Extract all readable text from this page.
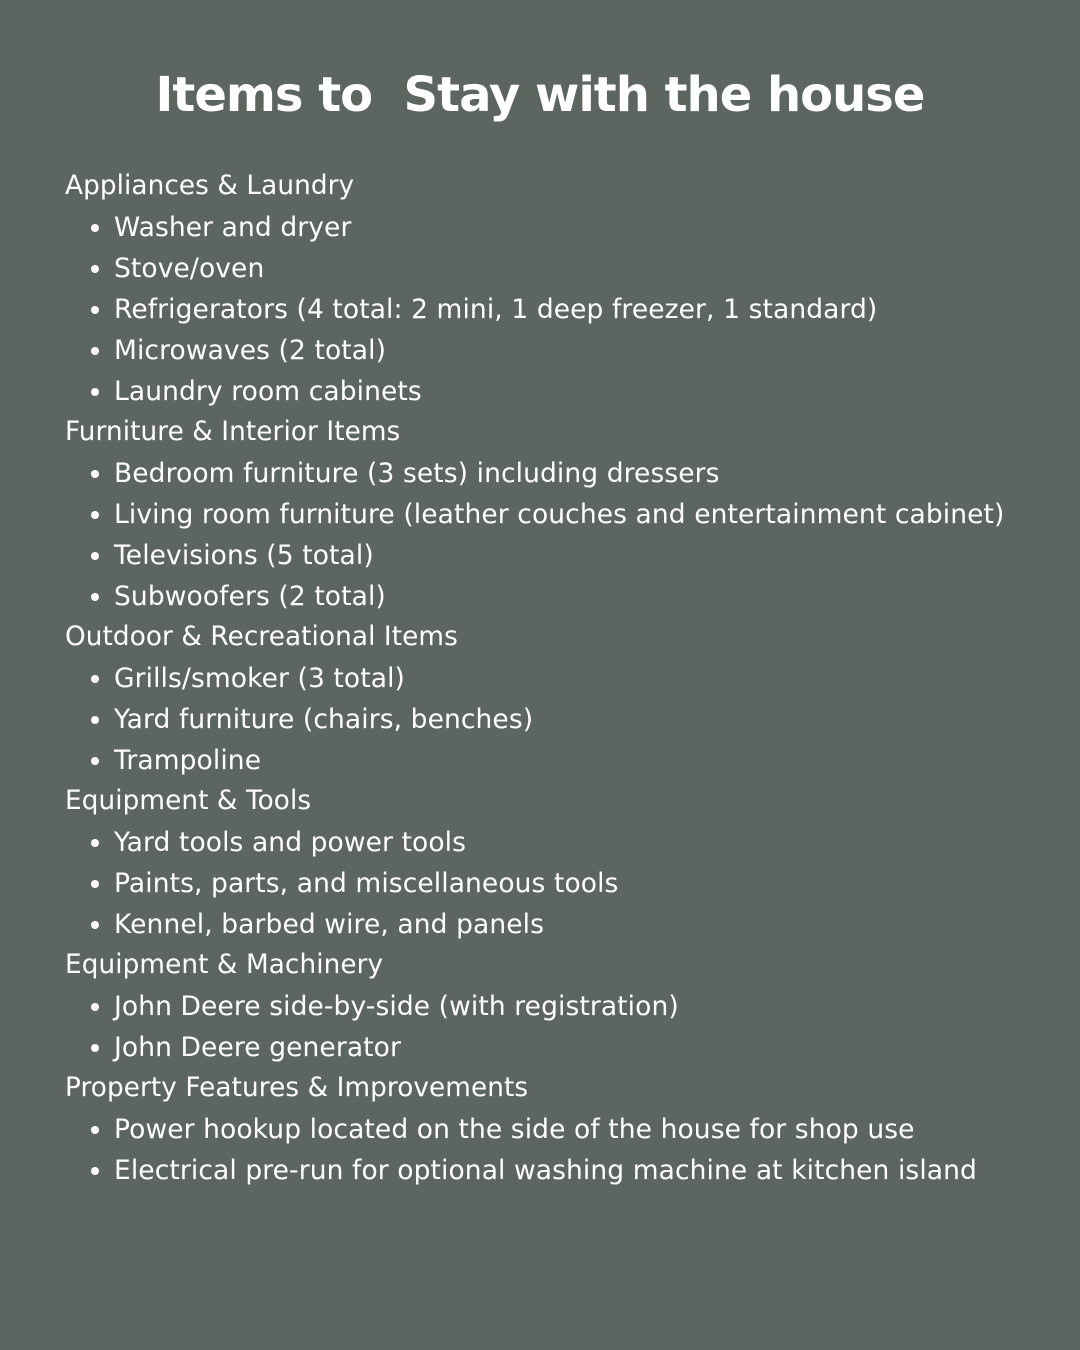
Items to  Stay with the house
Appliances & Laundry
Washer and dryer
Stove/oven
Refrigerators (4 total: 2 mini, 1 deep freezer, 1 standard)
Microwaves (2 total)
Laundry room cabinets
Furniture & Interior Items
Bedroom furniture (3 sets) including dressers
Living room furniture (leather couches and entertainment cabinet)
Televisions (5 total)
Subwoofers (2 total)
Outdoor & Recreational Items
Grills/smoker (3 total)
Yard furniture (chairs, benches)
Trampoline
Equipment & Tools
Yard tools and power tools
Paints, parts, and miscellaneous tools
Kennel, barbed wire, and panels
Equipment & Machinery
John Deere side-by-side (with registration)
John Deere generator
Property Features & Improvements
Power hookup located on the side of the house for shop use
Electrical pre-run for optional washing machine at kitchen island
